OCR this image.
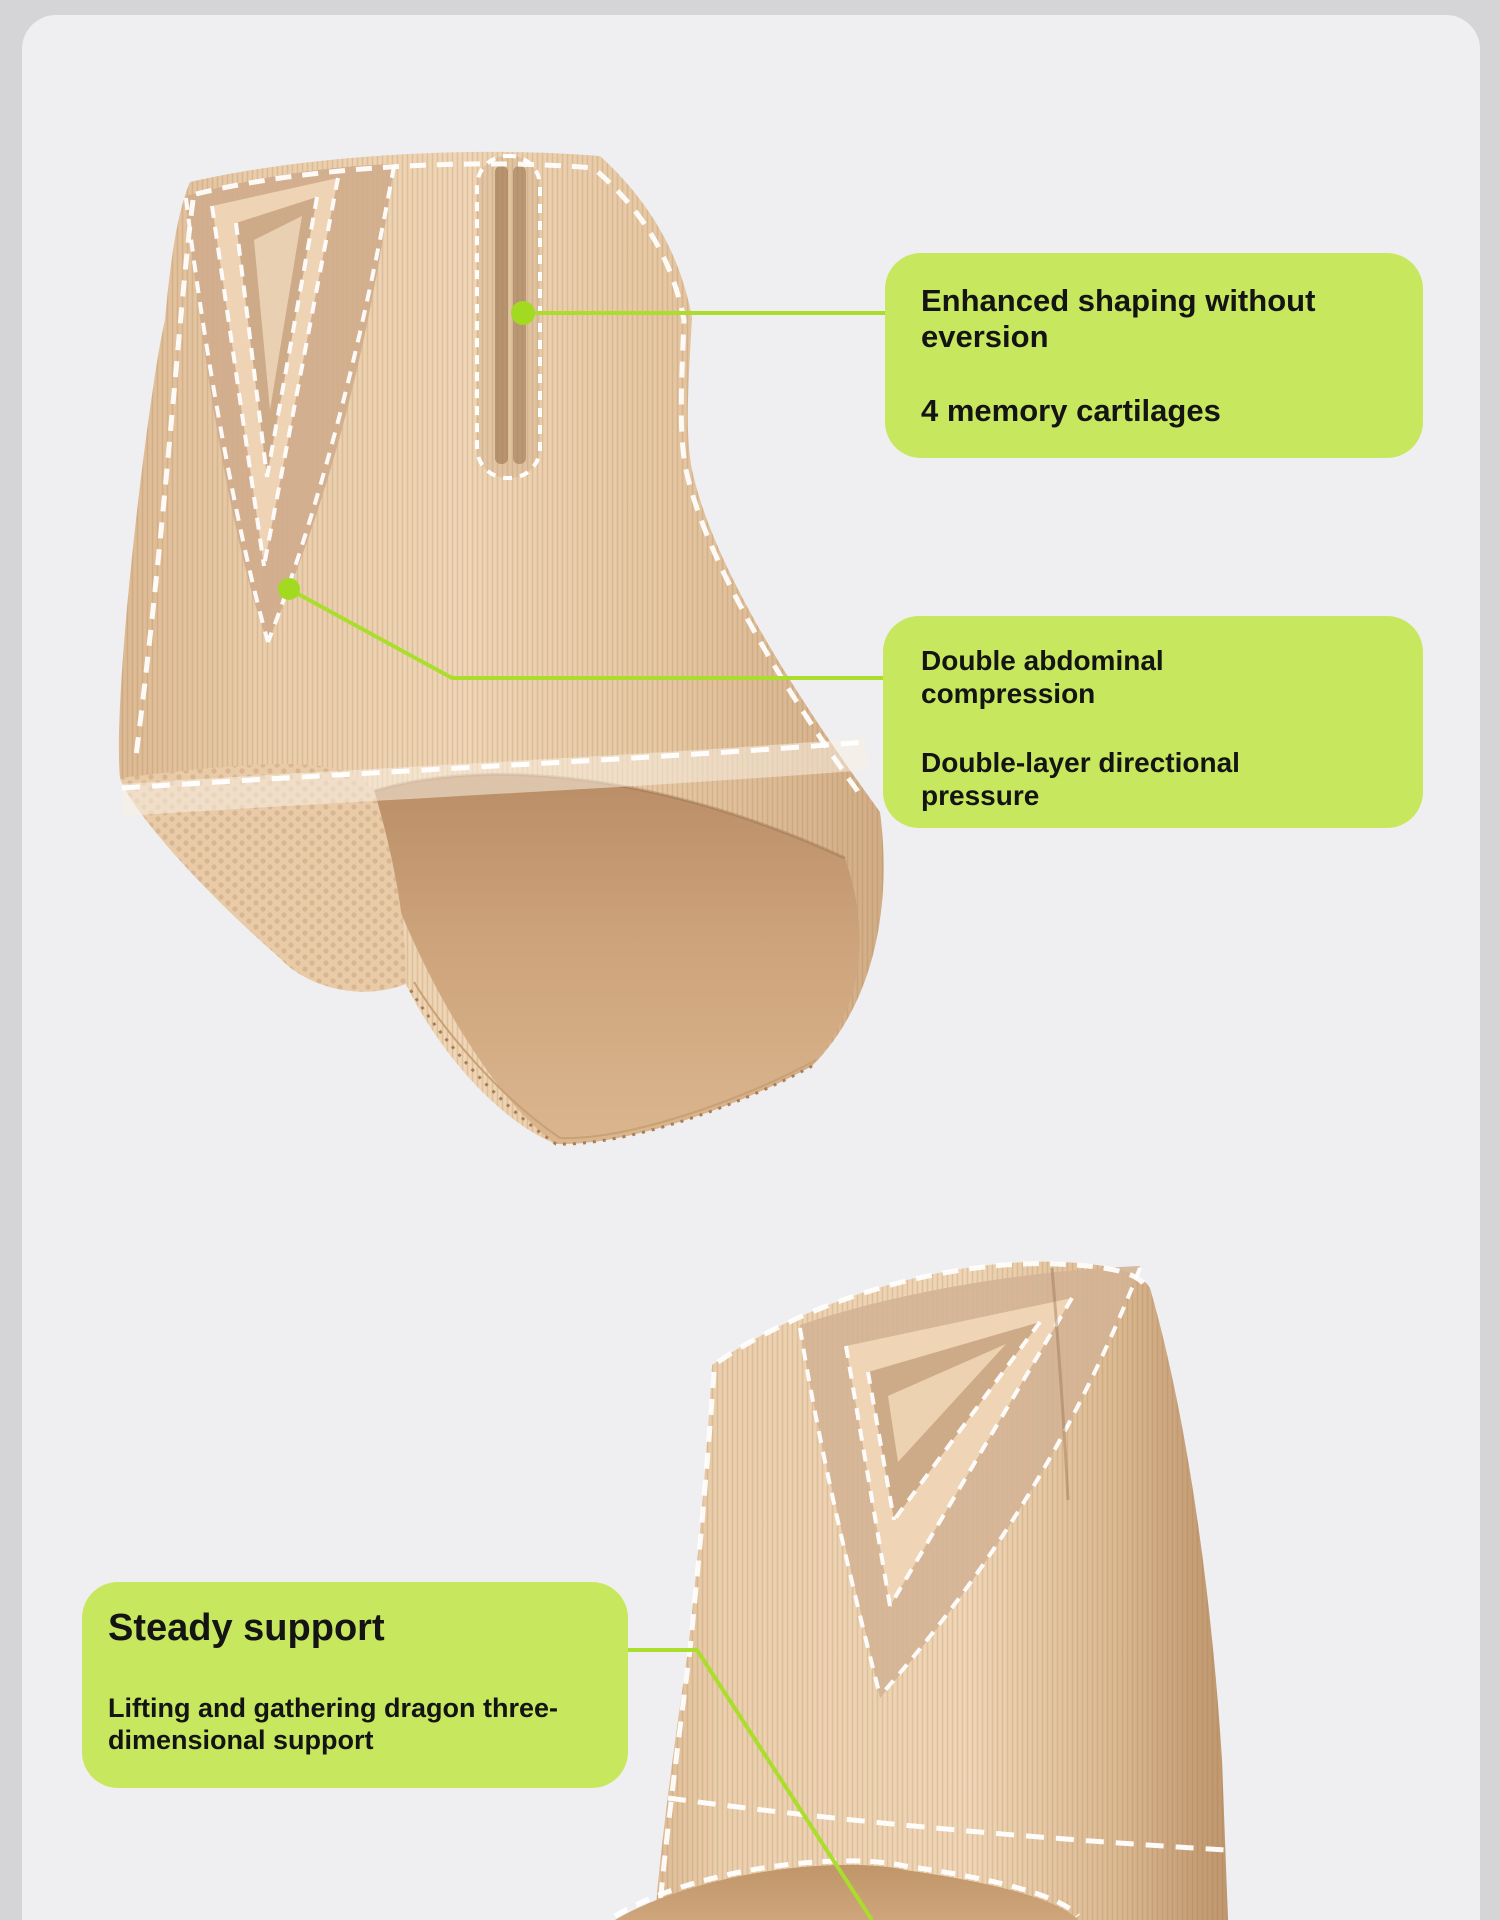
Enhanced shaping without
eversion
4 memory cartilages
Double abdominal
compression
Double-layer directional
pressure
Steady support
Lifting and gathering dragon three-
dimensional support
